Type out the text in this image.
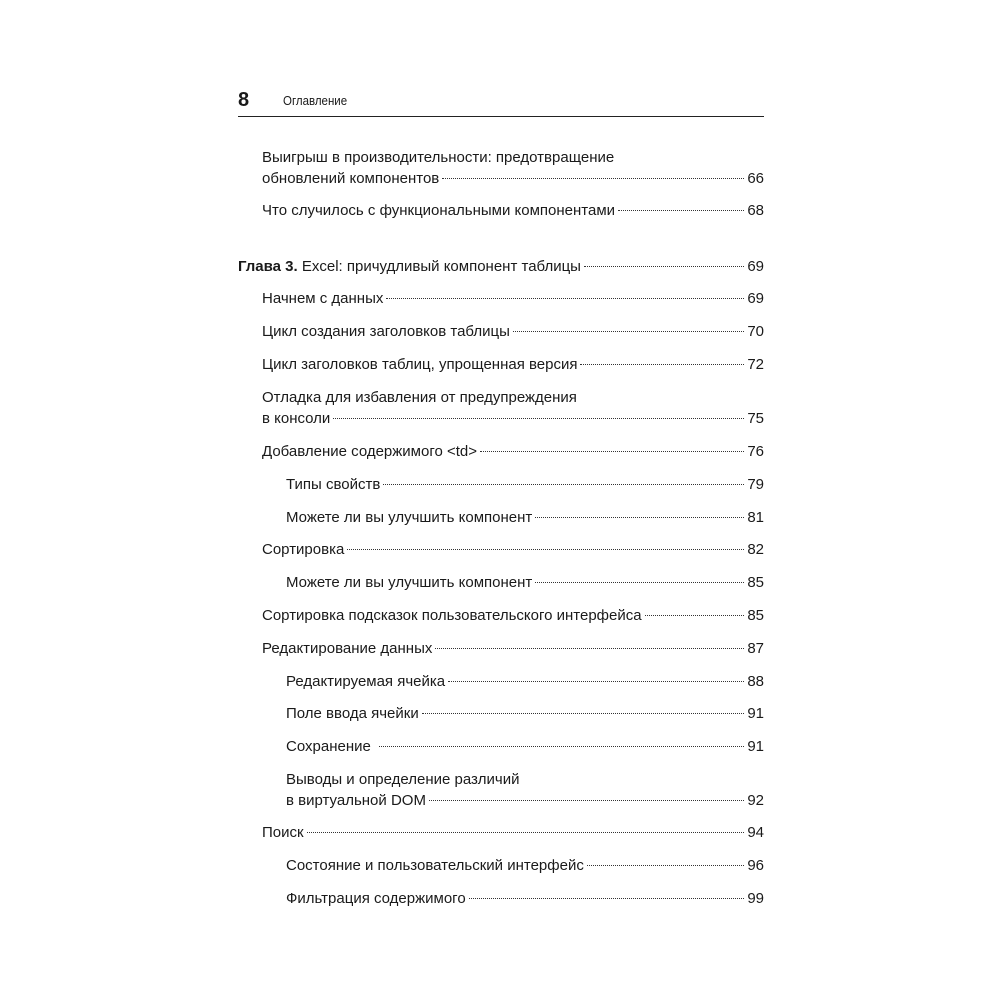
8	Оглавление
Выигрыш в производительности: предотвращение
обновлений компонентов	66
Что случилось с функциональными компонентами	68
Глава 3. Excel: причудливый компонент таблицы	69
Начнем с данных	69
Цикл создания заголовков таблицы	70
Цикл заголовков таблиц, упрощенная версия	72
Отладка для избавления от предупреждения
в консоли	75
Добавление содержимого <td>	76
Типы свойств	79
Можете ли вы улучшить компонент	81
Сортировка	82
Можете ли вы улучшить компонент	85
Сортировка подсказок пользовательского интерфейса	85
Редактирование данных	87
Редактируемая ячейка	88
Поле ввода ячейки	91
Сохранение	91
Выводы и определение различий
в виртуальной DOM	92
Поиск	94
Состояние и пользовательский интерфейс	96
Фильтрация содержимого	99
